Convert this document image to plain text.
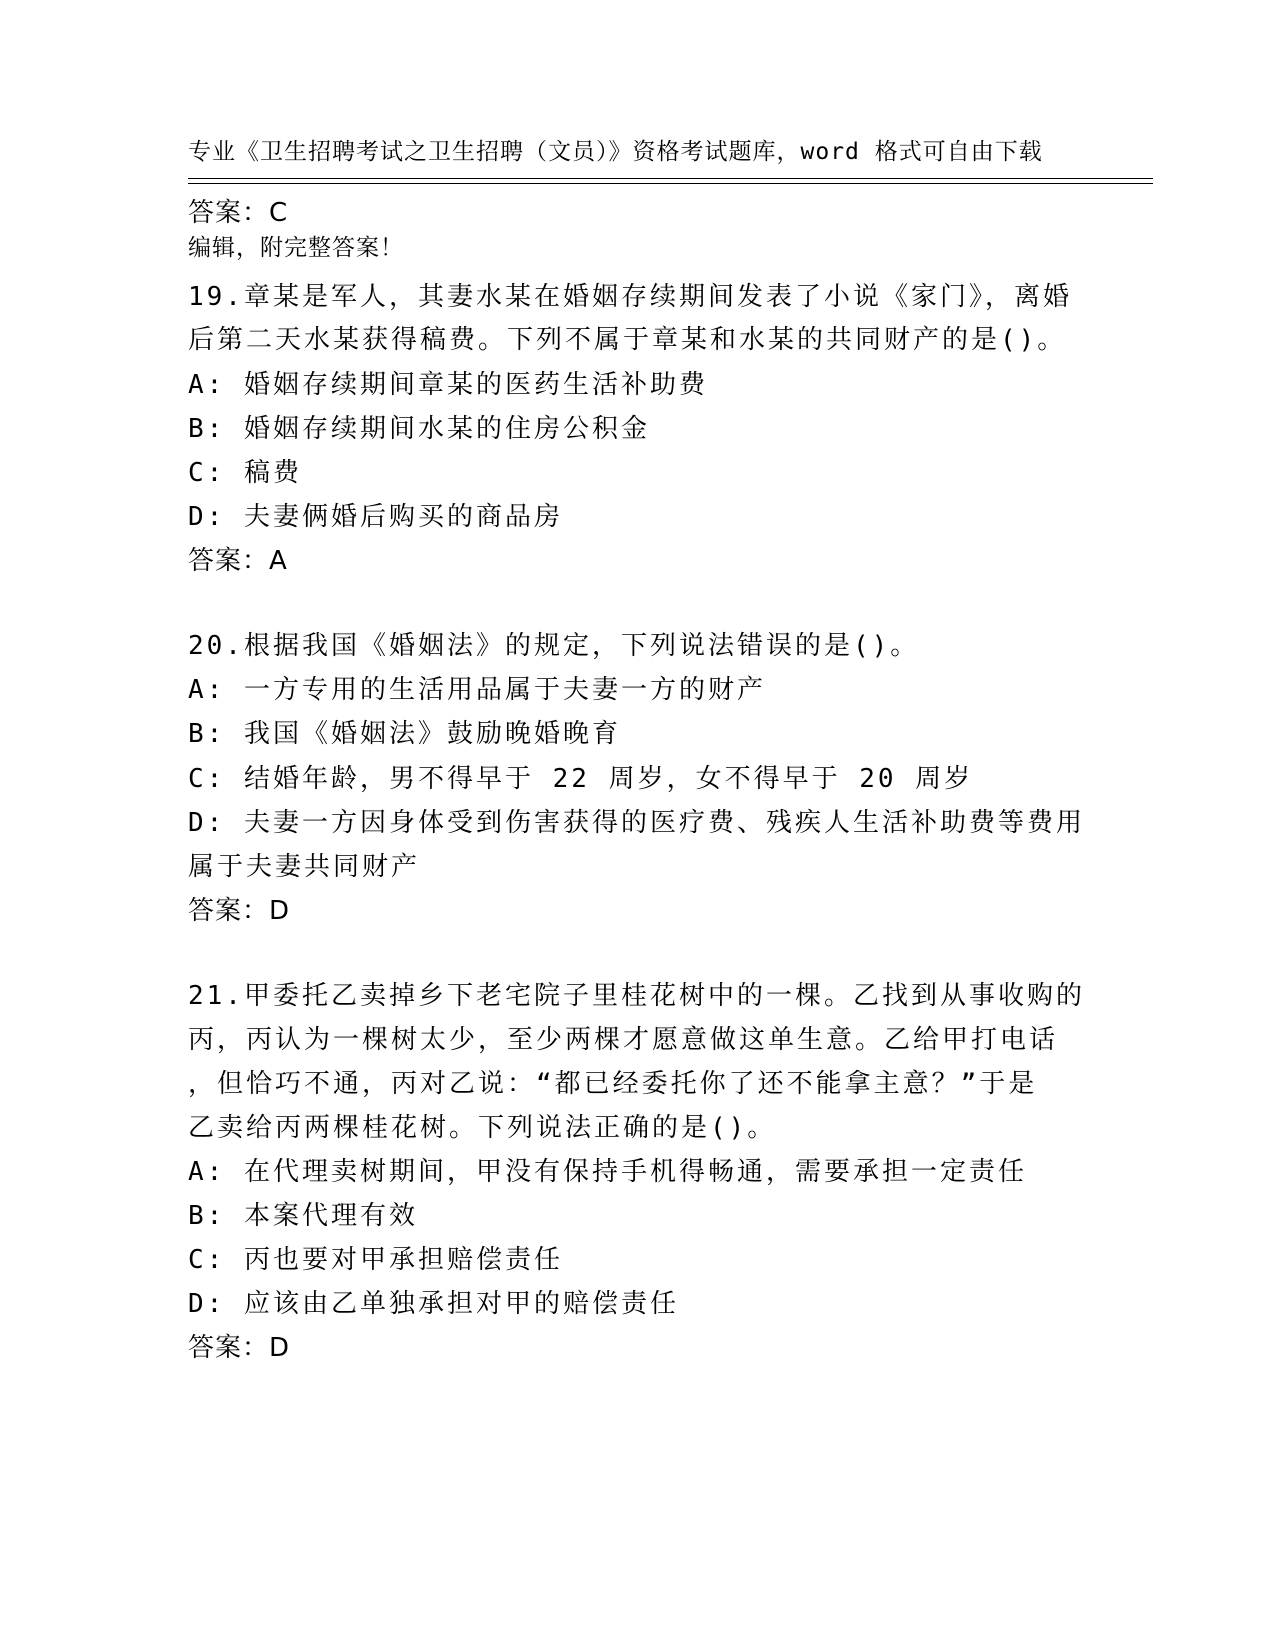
专业《卫生招聘考试之卫生招聘（文员）》资格考试题库，word 格式可自由下载

编辑，附完整答案！

答案：C
19.章某是军人，其妻水某在婚姻存续期间发表了小说《家门》，离婚
后第二天水某获得稿费。下列不属于章某和水某的共同财产的是()。
A: 婚姻存续期间章某的医药生活补助费
B: 婚姻存续期间水某的住房公积金
C: 稿费
D: 夫妻俩婚后购买的商品房
答案：A
20.根据我国《婚姻法》的规定，下列说法错误的是()。
A: 一方专用的生活用品属于夫妻一方的财产
B: 我国《婚姻法》鼓励晚婚晚育
C: 结婚年龄，男不得早于 22 周岁，女不得早于 20 周岁
D: 夫妻一方因身体受到伤害获得的医疗费、残疾人生活补助费等费用
属于夫妻共同财产
答案：D
21.甲委托乙卖掉乡下老宅院子里桂花树中的一棵。乙找到从事收购的
丙，丙认为一棵树太少，至少两棵才愿意做这单生意。乙给甲打电话
，但恰巧不通，丙对乙说：“都已经委托你了还不能拿主意？”于是
乙卖给丙两棵桂花树。下列说法正确的是()。
A: 在代理卖树期间，甲没有保持手机得畅通，需要承担一定责任
B: 本案代理有效
C: 丙也要对甲承担赔偿责任
D: 应该由乙单独承担对甲的赔偿责任
答案：D
